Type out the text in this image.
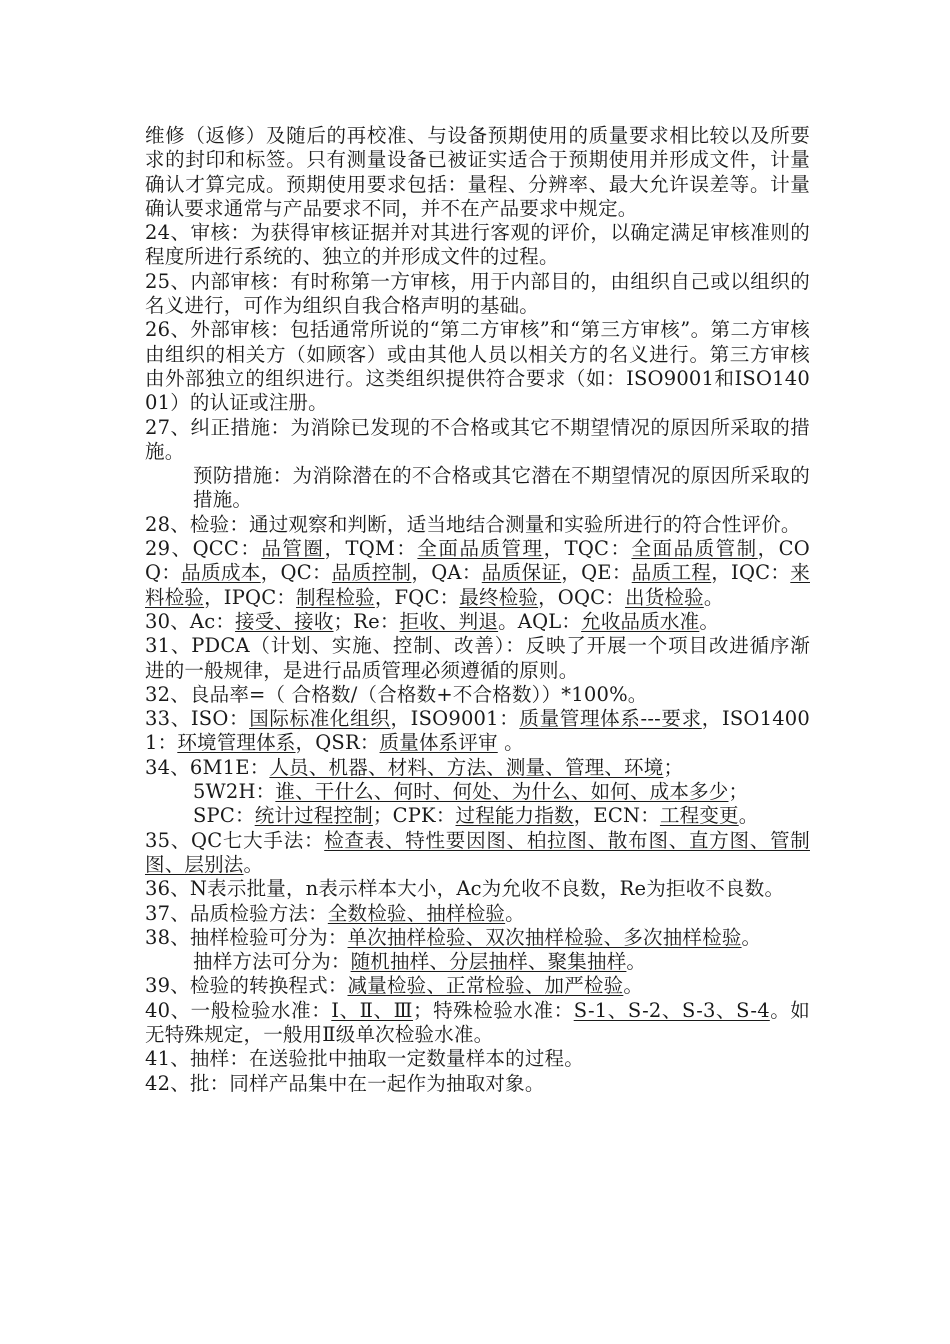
维修（返修）及随后的再校准、与设备预期使用的质量要求相比较以及所要求的封印和标签。只有测量设备已被证实适合于预期使用并形成文件，计量确认才算完成。预期使用要求包括：量程、分辨率、最大允许误差等。计量确认要求通常与产品要求不同，并不在产品要求中规定。

24、审核：为获得审核证据并对其进行客观的评价，以确定满足审核准则的程度所进行系统的、独立的并形成文件的过程。

25、内部审核：有时称第一方审核，用于内部目的，由组织自己或以组织的名义进行，可作为组织自我合格声明的基础。

26、外部审核：包括通常所说的“第二方审核”和“第三方审核”。第二方审核由组织的相关方（如顾客）或由其他人员以相关方的名义进行。第三方审核由外部独立的组织进行。这类组织提供符合要求（如：ISO9001和ISO14001）的认证或注册。

27、纠正措施：为消除已发现的不合格或其它不期望情况的原因所采取的措施。

预防措施：为消除潜在的不合格或其它潜在不期望情况的原因所采取的措施。

28、检验：通过观察和判断，适当地结合测量和实验所进行的符合性评价。

29、QCC：品管圈，TQM：全面品质管理，TQC：全面品质管制，COQ：品质成本，QC：品质控制，QA：品质保证，QE：品质工程，IQC：来料检验，IPQC：制程检验，FQC：最终检验，OQC：出货检验。

30、Ac：接受、接收；Re：拒收、判退。AQL：允收品质水准。

31、PDCA（计划、实施、控制、改善）：反映了开展一个项目改进循序渐进的一般规律，是进行品质管理必须遵循的原则。

32、良品率=（ 合格数/（合格数+不合格数））*100%。

33、ISO：国际标准化组织，ISO9001：质量管理体系---要求，ISO14001：环境管理体系，QSR：质量体系评审 。

34、6M1E：人员、机器、材料、方法、测量、管理、环境；

5W2H：谁、干什么、何时、何处、为什么、如何、成本多少；

SPC：统计过程控制；CPK：过程能力指数，ECN：工程变更。

35、QC七大手法：检查表、特性要因图、柏拉图、散布图、直方图、管制图、层别法。

36、N表示批量，n表示样本大小，Ac为允收不良数，Re为拒收不良数。

37、品质检验方法：全数检验、抽样检验。

38、抽样检验可分为：单次抽样检验、双次抽样检验、多次抽样检验。

抽样方法可分为：随机抽样、分层抽样、聚集抽样。

39、检验的转换程式：减量检验、正常检验、加严检验。

40、一般检验水准：Ⅰ、Ⅱ、Ⅲ；特殊检验水准：S-1、S-2、S-3、S-4。如无特殊规定，一般用Ⅱ级单次检验水准。

41、抽样：在送验批中抽取一定数量样本的过程。

42、批：同样产品集中在一起作为抽取对象。
